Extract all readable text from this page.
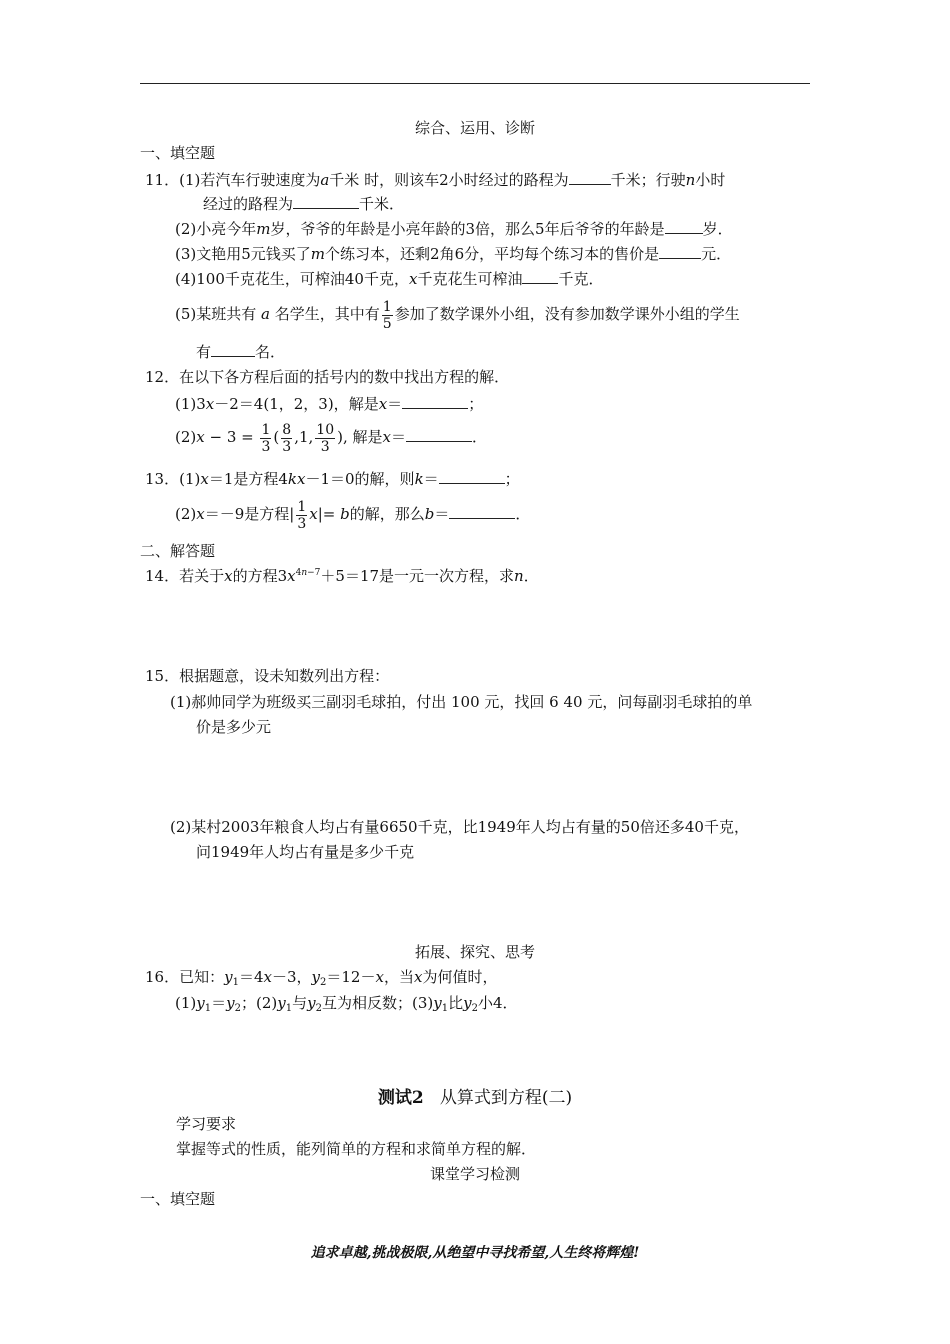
综合、运用、诊断
一、填空题
11．(1)若汽车行驶速度为a千米 时，则该车2小时经过的路程为	千米；行驶n小时
经过的路程为	千米．
(2)小亮今年m岁，爷爷的年龄是小亮年龄的3倍，那么5年后爷爷的年龄是	岁．
(3)文艳用5元钱买了m个练习本，还剩2角6分，平均每个练习本的售价是	元．
(4)100千克花生，可榨油40千克，x千克花生可榨油 千克．
(5)某班共有 a 名学生，其中有 $\frac{1}{5}$ 参加了数学课外小组，没有参加数学课外小组的学生
有	名．
12．在以下各方程后面的括号内的数中找出方程的解．
(1)3x－2＝4(1，2，3)，解是x＝	；
$(2)x - 3 = \frac{1}{3}$ ( $\frac{8}{3} ,1$, $\frac{10}{3}$ ), 解是x＝	．
13．(1)x＝1是方程4kx－1＝0的解，则k＝	；
(2)x＝－9是方程| $\frac{1}{3} x|= b$的解，那么b＝	．
二、解答题
14．若关于x的方程$3x^{4n-7}+5=17$是一元一次方程，求n．
15．根据题意，设未知数列出方程：
(1)郝帅同学为班级买三副羽毛球拍，付出 100 元，找回 6 40 元，问每副羽毛球拍的单
价是多少元
(2)某村2003年粮食人均占有量6650千克，比1949年人均占有量的50倍还多40千克，
问1949年人均占有量是多少千克
拓展、探究、思考
16．已知：$y_1=4x-3$，$y_2=12-x$，当x为何值时，
$(1)y_1=y_2$；$(2)y_1$与$y_2$互为相反数；$(3)y_1$比$y_2$小4．
测试2 从算式到方程(二)
学习要求
掌握等式的性质，能列简单的方程和求简单方程的解．
课堂学习检测
一、填空题
追求卓越,挑战极限,从绝望中寻找希望,人生终将辉煌!
